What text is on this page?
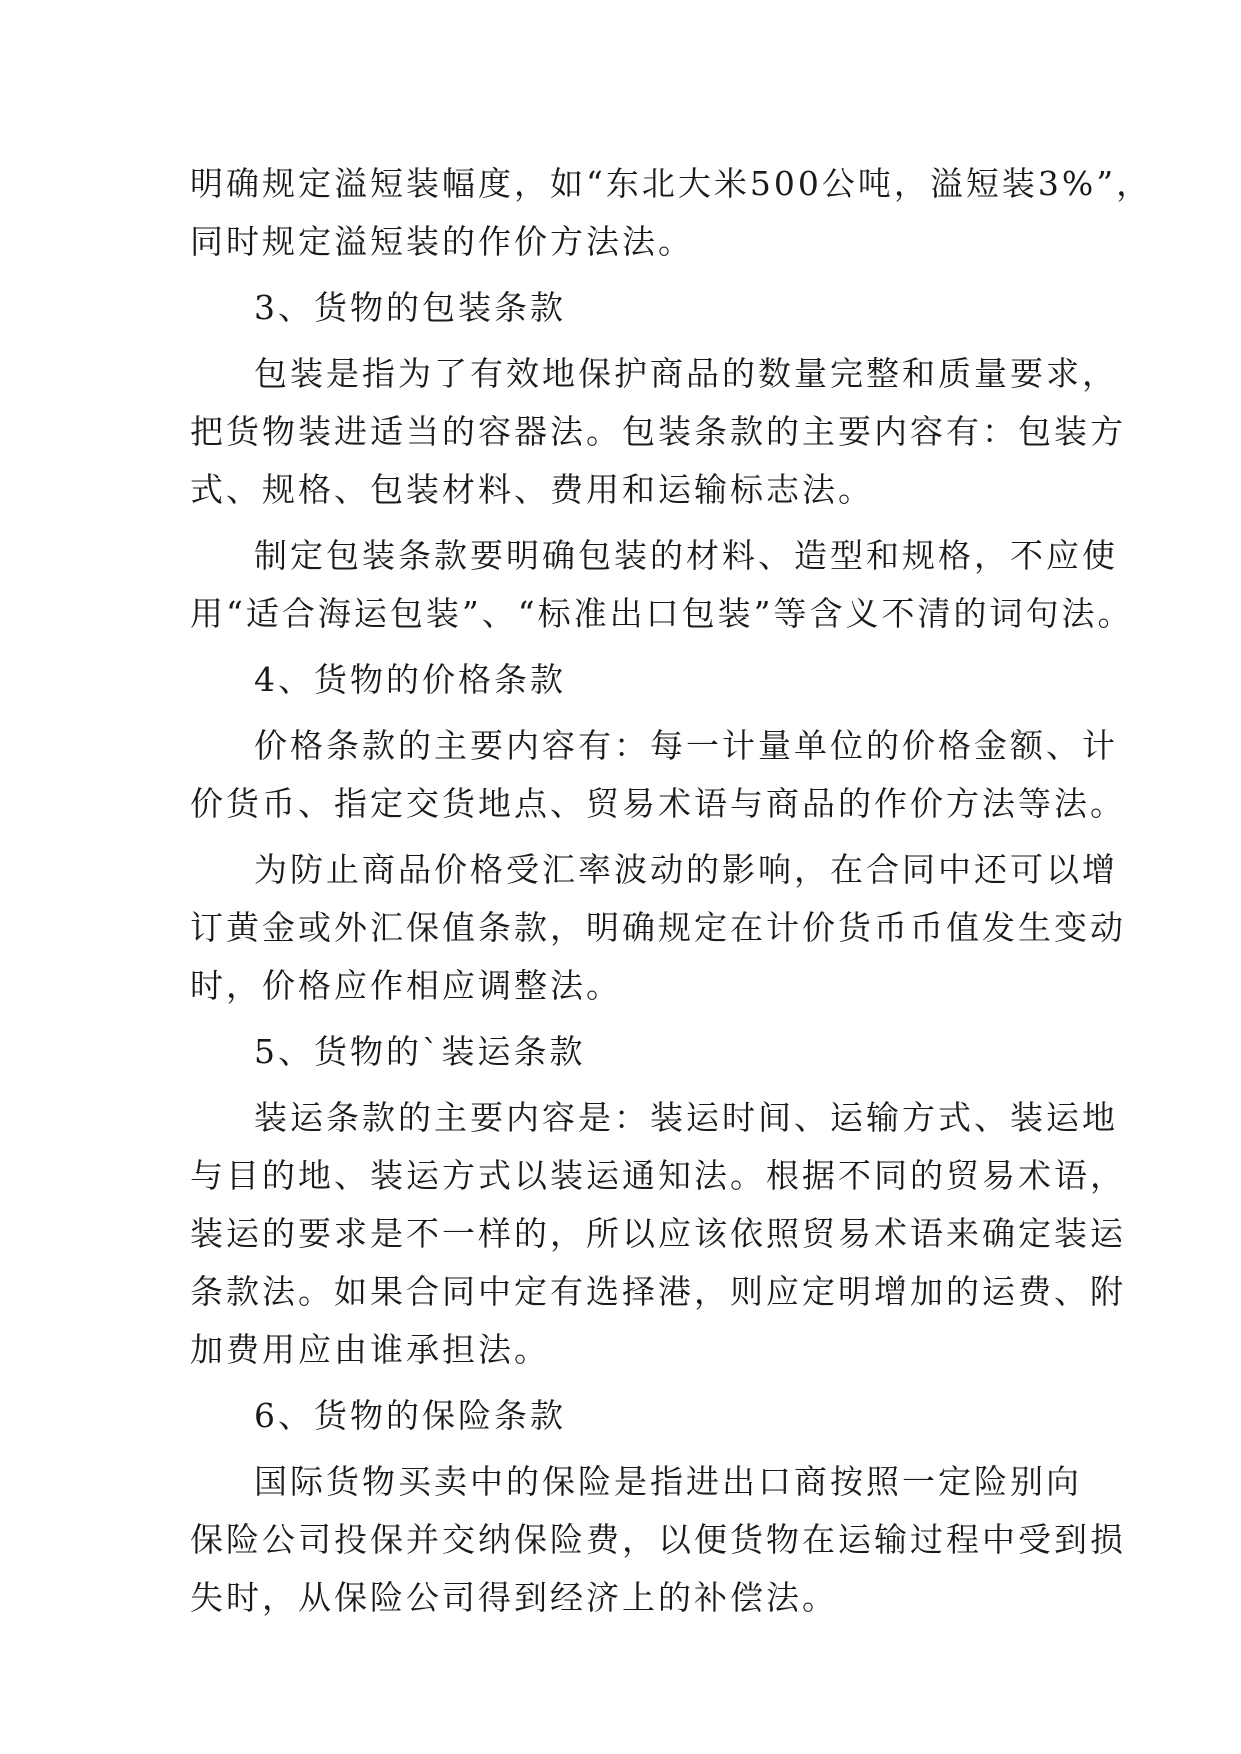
明确规定溢短装幅度，如“东北大米500公吨，溢短装3%”，
同时规定溢短装的作价方法法。
3、货物的包装条款
包装是指为了有效地保护商品的数量完整和质量要求，
把货物装进适当的容器法。包装条款的主要内容有：包装方
式、规格、包装材料、费用和运输标志法。
制定包装条款要明确包装的材料、造型和规格，不应使
用“适合海运包装”、“标准出口包装”等含义不清的词句法。
4、货物的价格条款
价格条款的主要内容有：每一计量单位的价格金额、计
价货币、指定交货地点、贸易术语与商品的作价方法等法。
为防止商品价格受汇率波动的影响，在合同中还可以增
订黄金或外汇保值条款，明确规定在计价货币币值发生变动
时，价格应作相应调整法。
5、货物的`装运条款
装运条款的主要内容是：装运时间、运输方式、装运地
与目的地、装运方式以装运通知法。根据不同的贸易术语，
装运的要求是不一样的，所以应该依照贸易术语来确定装运
条款法。如果合同中定有选择港，则应定明增加的运费、附
加费用应由谁承担法。
6、货物的保险条款
国际货物买卖中的保险是指进出口商按照一定险别向
保险公司投保并交纳保险费，以便货物在运输过程中受到损
失时，从保险公司得到经济上的补偿法。
